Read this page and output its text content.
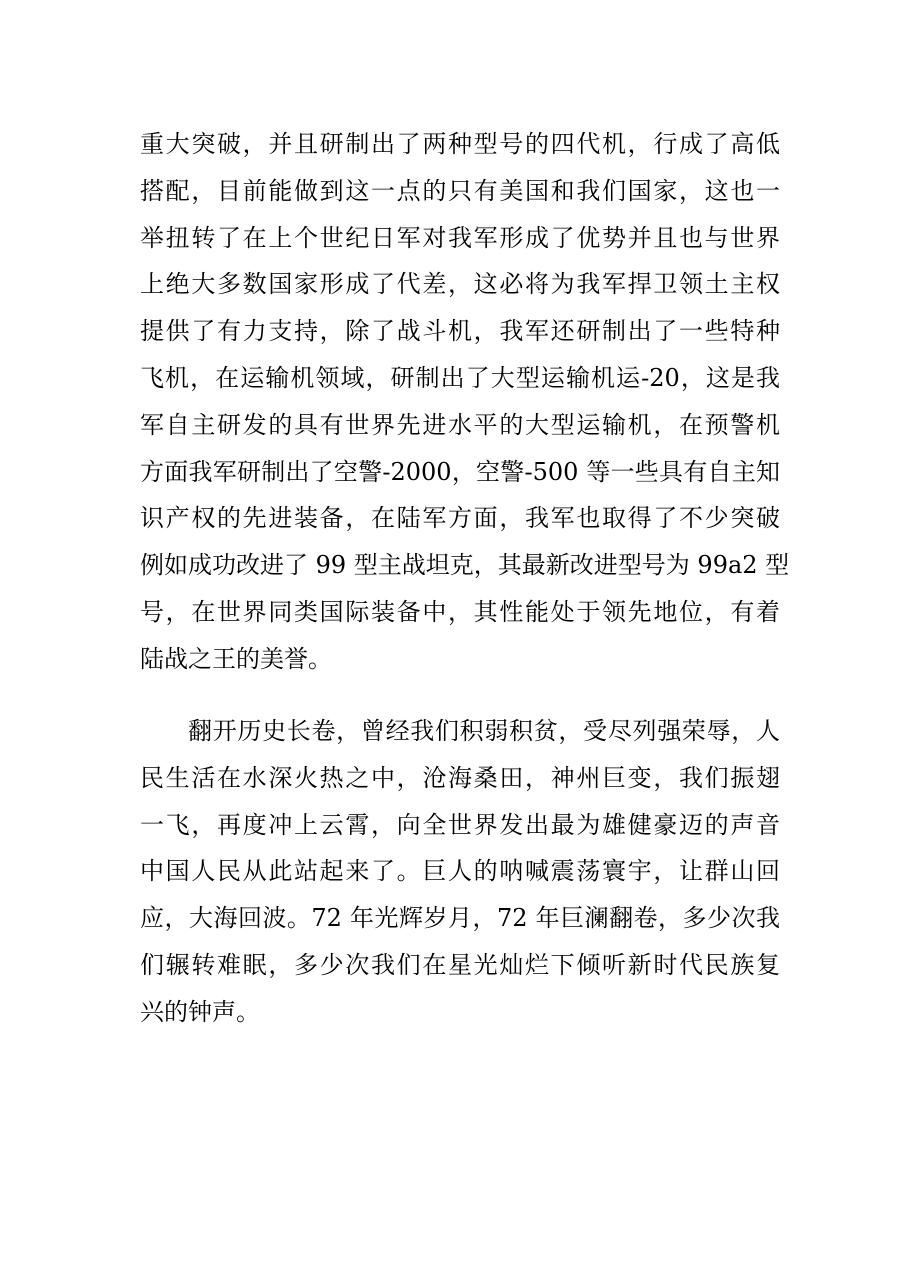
重大突破，并且研制出了两种型号的四代机，行成了高低
搭配，目前能做到这一点的只有美国和我们国家，这也一
举扭转了在上个世纪日军对我军形成了优势并且也与世界
上绝大多数国家形成了代差，这必将为我军捍卫领土主权
提供了有力支持，除了战斗机，我军还研制出了一些特种
飞机，在运输机领域，研制出了大型运输机运-20，这是我
军自主研发的具有世界先进水平的大型运输机，在预警机
方面我军研制出了空警-2000，空警-500 等一些具有自主知
识产权的先进装备，在陆军方面，我军也取得了不少突破
例如成功改进了 99 型主战坦克，其最新改进型号为 99a2 型
号，在世界同类国际装备中，其性能处于领先地位，有着
陆战之王的美誉。
翻开历史长卷，曾经我们积弱积贫，受尽列强荣辱，人
民生活在水深火热之中，沧海桑田，神州巨变，我们振翅
一飞，再度冲上云霄，向全世界发出最为雄健豪迈的声音
中国人民从此站起来了。巨人的呐喊震荡寰宇，让群山回
应，大海回波。72 年光辉岁月，72 年巨澜翻卷，多少次我
们辗转难眠，多少次我们在星光灿烂下倾听新时代民族复
兴的钟声。
